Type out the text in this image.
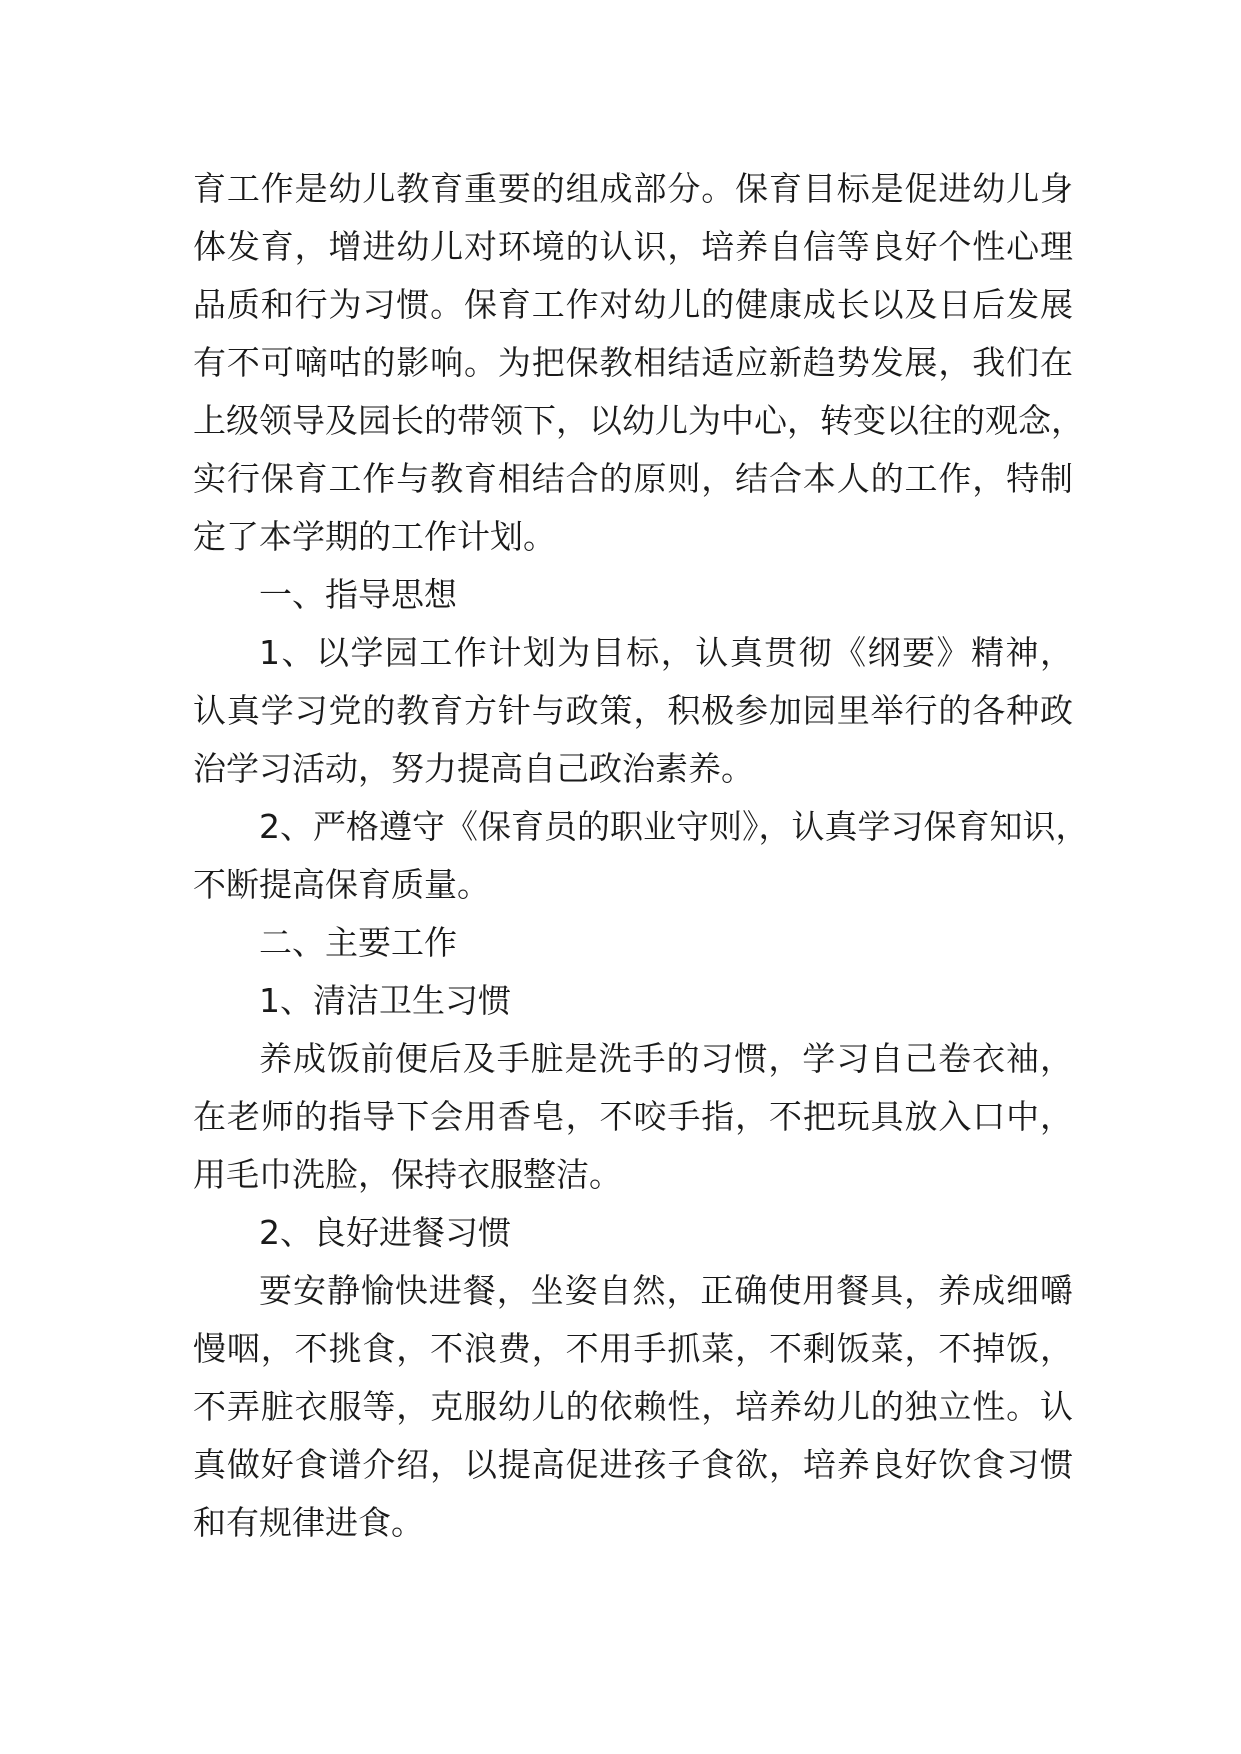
育工作是幼儿教育重要的组成部分。保育目标是促进幼儿身
体发育，增进幼儿对环境的认识，培养自信等良好个性心理
品质和行为习惯。保育工作对幼儿的健康成长以及日后发展
有不可嘀咕的影响。为把保教相结适应新趋势发展，我们在
上级领导及园长的带领下，以幼儿为中心，转变以往的观念，
实行保育工作与教育相结合的原则，结合本人的工作，特制
定了本学期的工作计划。
一、指导思想
1、以学园工作计划为目标，认真贯彻《纲要》精神，
认真学习党的教育方针与政策，积极参加园里举行的各种政
治学习活动，努力提高自己政治素养。
2、严格遵守《保育员的职业守则》，认真学习保育知识，
不断提高保育质量。
二、主要工作
1、清洁卫生习惯
养成饭前便后及手脏是洗手的习惯，学习自己卷衣袖，
在老师的指导下会用香皂，不咬手指，不把玩具放入口中，
用毛巾洗脸，保持衣服整洁。
2、良好进餐习惯
要安静愉快进餐，坐姿自然，正确使用餐具，养成细嚼
慢咽，不挑食，不浪费，不用手抓菜，不剩饭菜，不掉饭，
不弄脏衣服等，克服幼儿的依赖性，培养幼儿的独立性。认
真做好食谱介绍，以提高促进孩子食欲，培养良好饮食习惯
和有规律进食。
